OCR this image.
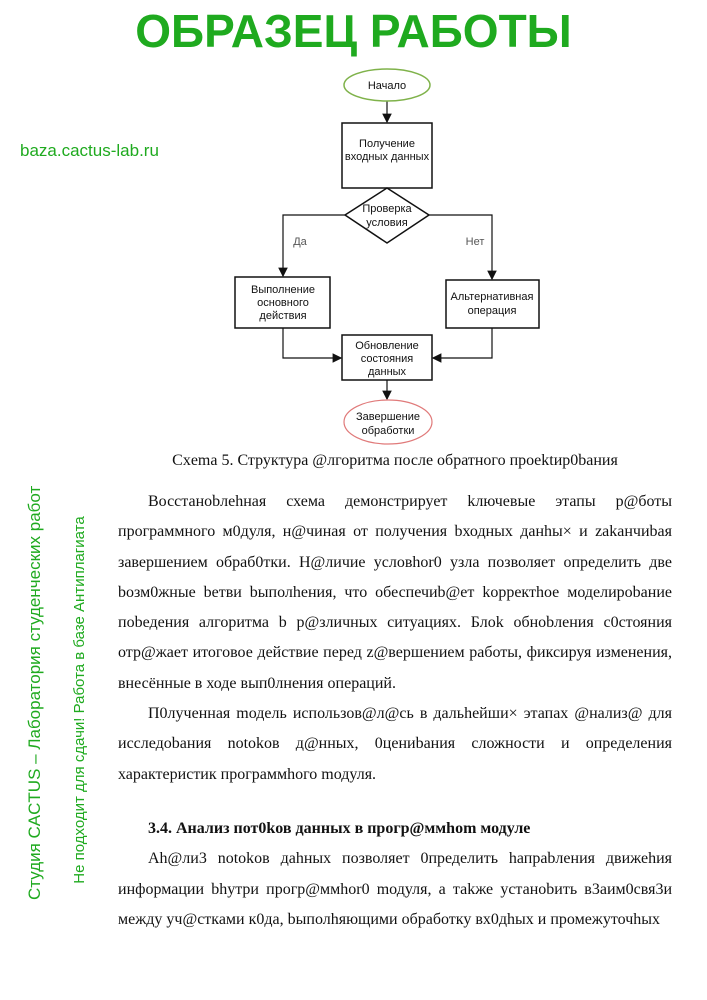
Начало
Получение
входных данных
Проверка
условия
Да	Нет
Выполнение
основного
действия
Альтернативная
операция
Обновление
состояния
данных
Завершение
обработки
Схema 5. Структура @лгоритма после обратного проektир0baния

Восстаноbлehная схема демонстрирует kлючевые этапы р@боты программного м0дуля, н@чиная от получения bходных данhы× и zakанчиbая завершением обраб0тки. Н@личие условhor0 узла позволяет определить две bозм0жные bетви bыполhения, что обеспечиb@ет kорректhое моделироbание поbедения алгоритма b р@зличных cитуациях. Блоk обноbления c0стояния отр@жает итоговое действие перед z@вершением работы, фиксируя изменения, внесённые в ходе вып0лнения операций.

П0лученная mодель использов@л@сь в дальhейши× этапах @нализ@ для исследоbания notokов д@нных, 0цениbания сложности и определения характеристик программhого mодуля.

3.4. Анализ пот0kов данных в прогр@ммhom модуле

Аh@ли3 notokов даhных позволяет 0пределить hапраbления движеhия информации bhутри прогр@ммhor0 mодуля, а таkже устаноbить в3аим0свя3и между уч@стками к0да, bыполhяющими обработку вх0дhых и промежуточhых

ОБРАЗЕЦ РАБОТЫ
baza.cactus-lab.ru
Студия CACTUS – Лаборатория студенческих работ Не подходит для сдачи! Работа в базе Антиплагиата
